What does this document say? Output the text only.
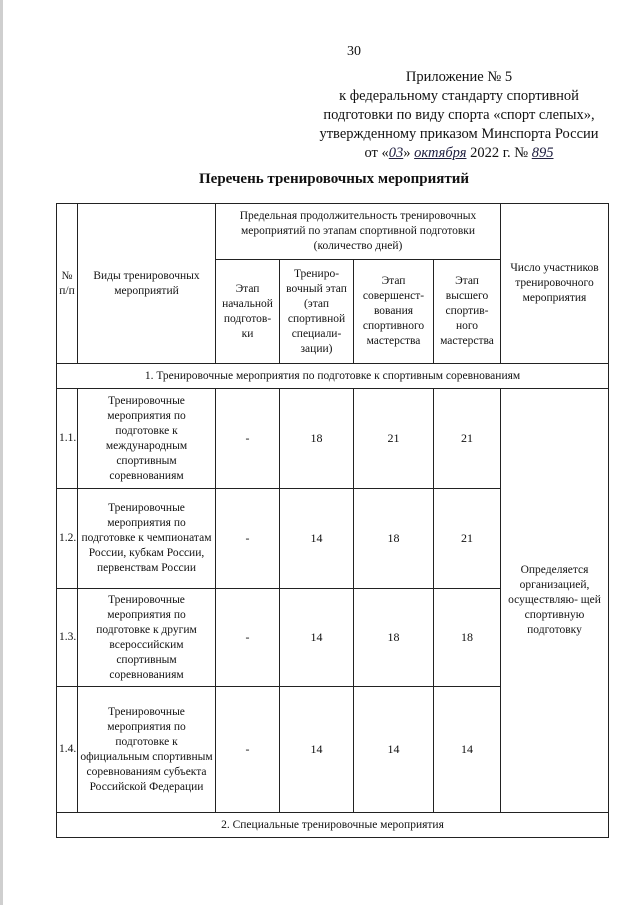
30
Приложение № 5
к федеральному стандарту спортивной
подготовки по виду спорта «спорт слепых»,
утвержденному приказом Минспорта России
от «03» октября 2022 г. № 895
Перечень тренировочных мероприятий
№ п/п	Виды тренировочных мероприятий	Предельная продолжительность тренировочных мероприятий по этапам спортивной подготовки (количество дней)				Число участников тренировочного мероприятия
		Этап начальной подготов- ки	Трениро- вочный этап (этап спортивной специали- зации)	Этап совершенст- вования спортивного мастерства	Этап высшего спортив- ного мастерства	
1. Тренировочные мероприятия по подготовке к спортивным соревнованиям						
1.1.	Тренировочные мероприятия по подготовке к международным спортивным соревнованиям	-	18	21	21	Определяется организацией, осуществляю- щей спортивную подготовку
1.2.	Тренировочные мероприятия по подготовке к чемпионатам России, кубкам России, первенствам России	-	14	18	21	
1.3.	Тренировочные мероприятия по подготовке к другим всероссийским спортивным соревнованиям	-	14	18	18	
1.4.	Тренировочные мероприятия по подготовке к официальным спортивным соревнованиям субъекта Российской Федерации	-	14	14	14	
2. Специальные тренировочные мероприятия						
